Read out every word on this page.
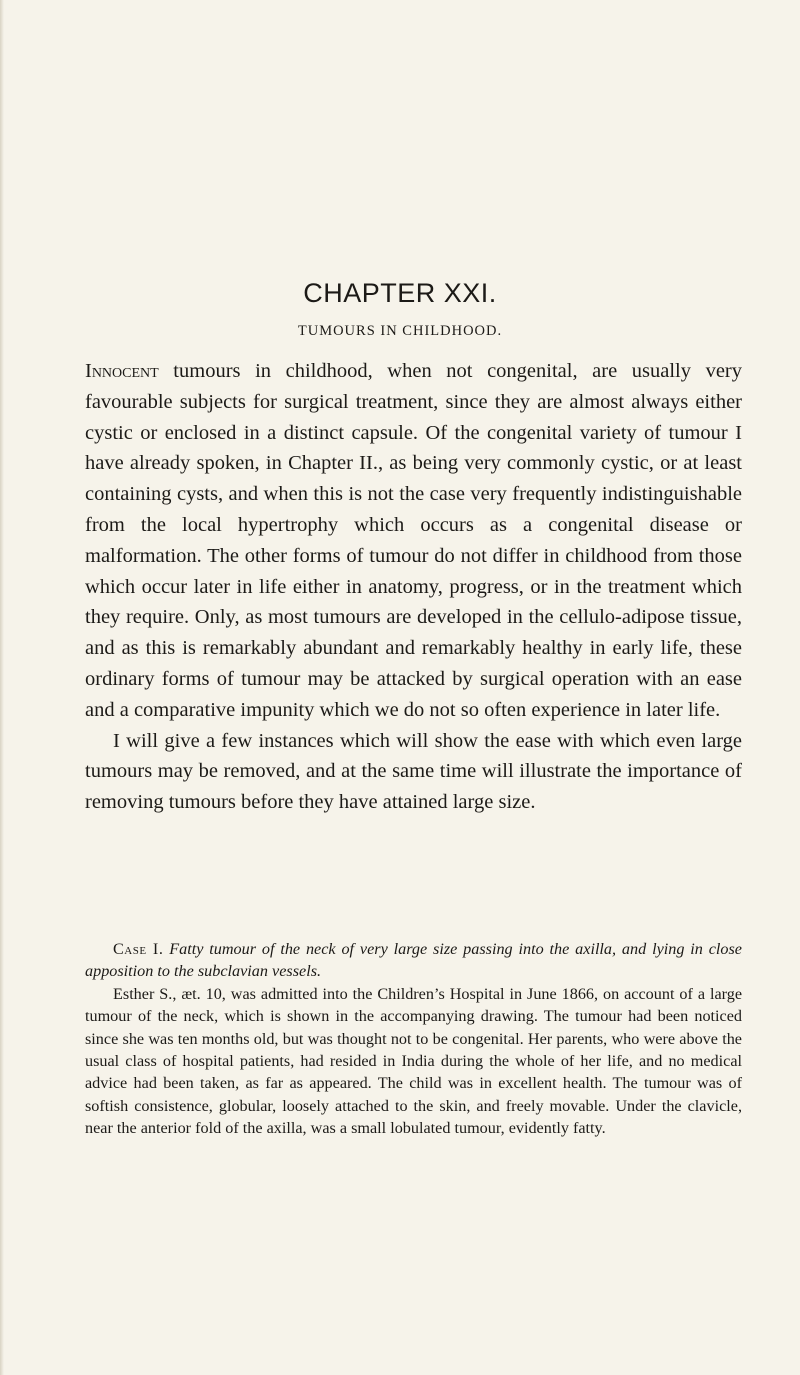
CHAPTER XXI.
TUMOURS IN CHILDHOOD.

Innocent tumours in childhood, when not congenital, are usually very favourable subjects for surgical treatment, since they are almost always either cystic or enclosed in a distinct capsule. Of the congenital variety of tumour I have already spoken, in Chapter II., as being very commonly cystic, or at least containing cysts, and when this is not the case very frequently indistinguishable from the local hypertrophy which occurs as a congenital disease or malformation. The other forms of tumour do not differ in childhood from those which occur later in life either in anatomy, progress, or in the treatment which they require. Only, as most tumours are developed in the cellulo-adipose tissue, and as this is remarkably abundant and remarkably healthy in early life, these ordinary forms of tumour may be attacked by surgical operation with an ease and a comparative impunity which we do not so often experience in later life.

I will give a few instances which will show the ease with which even large tumours may be removed, and at the same time will illustrate the importance of removing tumours before they have attained large size.

Case I. Fatty tumour of the neck of very large size passing into the axilla, and lying in close apposition to the subclavian vessels.

Esther S., æt. 10, was admitted into the Children’s Hospital in June 1866, on account of a large tumour of the neck, which is shown in the accompanying drawing. The tumour had been noticed since she was ten months old, but was thought not to be congenital. Her parents, who were above the usual class of hospital patients, had resided in India during the whole of her life, and no medical advice had been taken, as far as appeared. The child was in excellent health. The tumour was of softish consistence, globular, loosely attached to the skin, and freely movable. Under the clavicle, near the anterior fold of the axilla, was a small lobulated tumour, evidently fatty.
